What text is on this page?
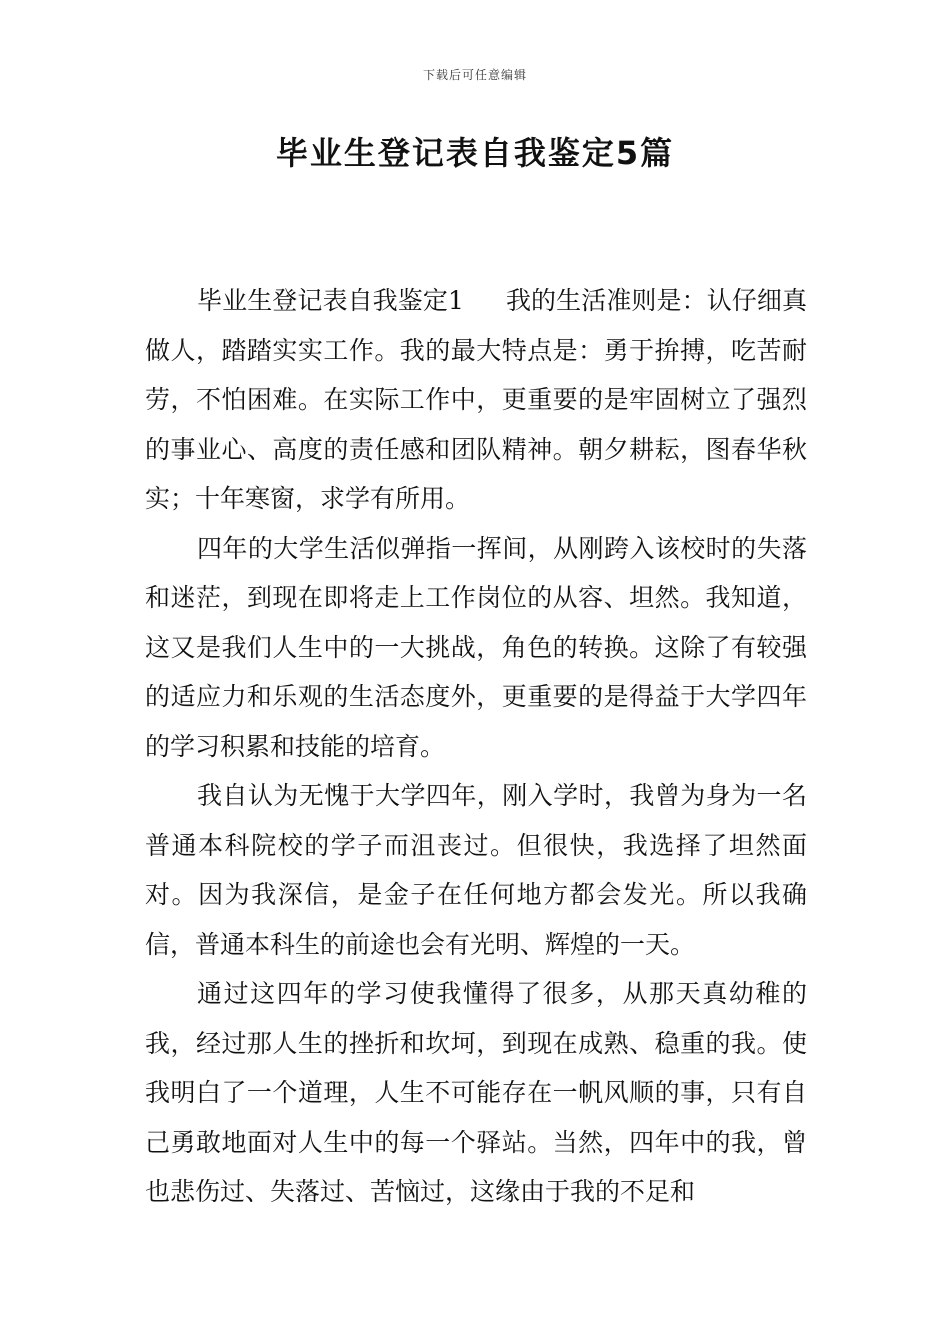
下载后可任意编辑
毕业生登记表自我鉴定5篇

毕业生登记表自我鉴定1 我的生活准则是：认仔细真做人，踏踏实实工作。我的最大特点是：勇于拚搏，吃苦耐劳，不怕困难。在实际工作中，更重要的是牢固树立了强烈的事业心、高度的责任感和团队精神。朝夕耕耘，图春华秋实；十年寒窗，求学有所用。

四年的大学生活似弹指一挥间，从刚跨入该校时的失落和迷茫，到现在即将走上工作岗位的从容、坦然。我知道，这又是我们人生中的一大挑战，角色的转换。这除了有较强的适应力和乐观的生活态度外，更重要的是得益于大学四年的学习积累和技能的培育。

我自认为无愧于大学四年，刚入学时，我曾为身为一名普通本科院校的学子而沮丧过。但很快，我选择了坦然面对。因为我深信，是金子在任何地方都会发光。所以我确信，普通本科生的前途也会有光明、辉煌的一天。

通过这四年的学习使我懂得了很多，从那天真幼稚的我，经过那人生的挫折和坎坷，到现在成熟、稳重的我。使我明白了一个道理，人生不可能存在一帆风顺的事，只有自己勇敢地面对人生中的每一个驿站。当然，四年中的我，曾也悲伤过、失落过、苦恼过，这缘由于我的不足和
